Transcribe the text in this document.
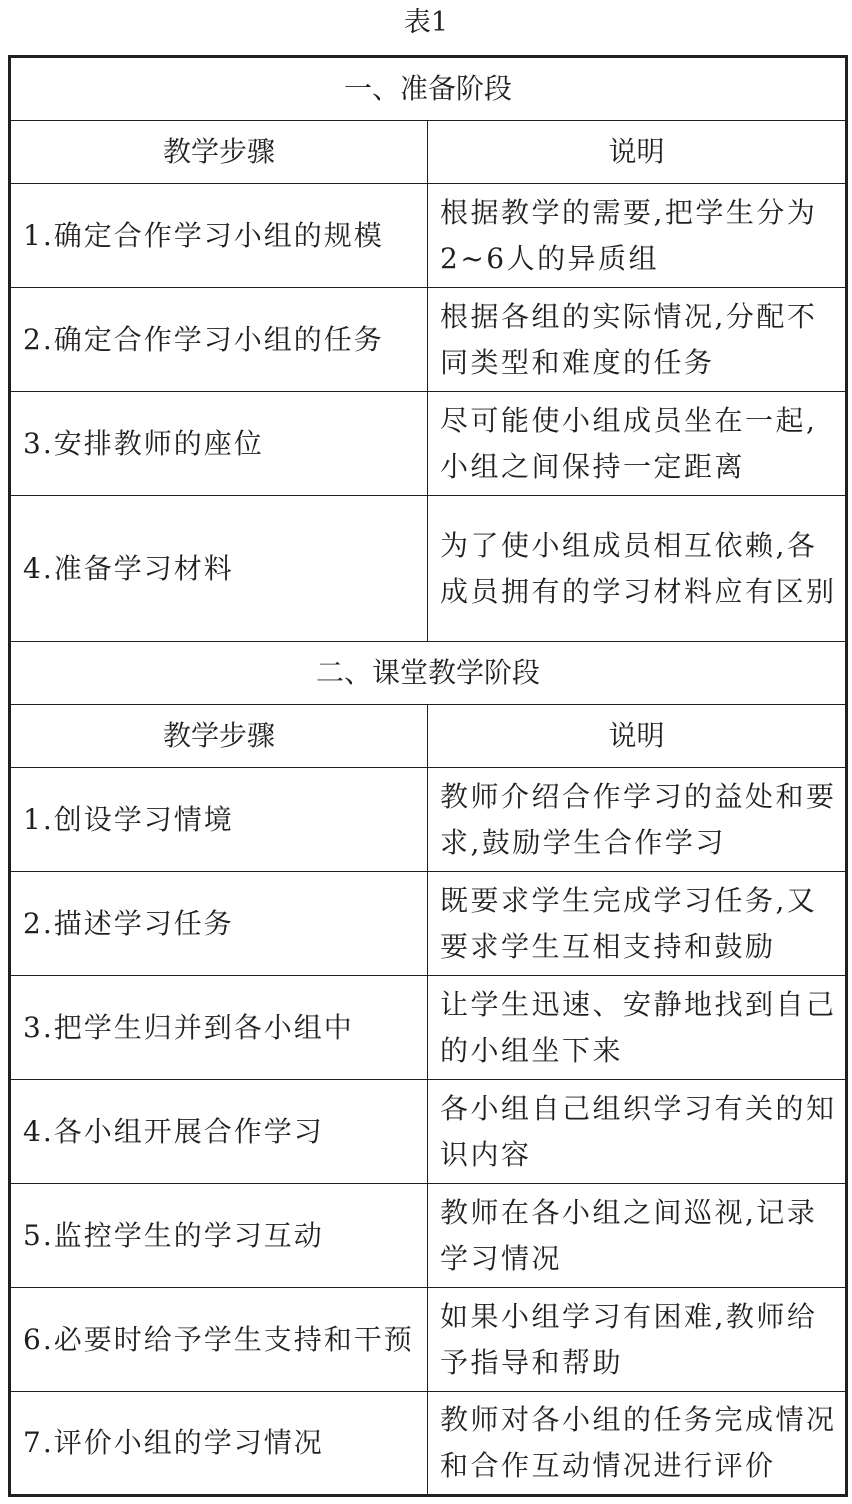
表1
一、准备阶段	
教学步骤	说明
1.确定合作学习小组的规模	根据教学的需要,把学生分为2~6人的异质组
2.确定合作学习小组的任务	根据各组的实际情况,分配不同类型和难度的任务
3.安排教师的座位	尽可能使小组成员坐在一起,小组之间保持一定距离
4.准备学习材料	为了使小组成员相互依赖,各成员拥有的学习材料应有区别
二、课堂教学阶段	
教学步骤	说明
1.创设学习情境	教师介绍合作学习的益处和要求,鼓励学生合作学习
2.描述学习任务	既要求学生完成学习任务,又要求学生互相支持和鼓励
3.把学生归并到各小组中	让学生迅速、安静地找到自己的小组坐下来
4.各小组开展合作学习	各小组自己组织学习有关的知识内容
5.监控学生的学习互动	教师在各小组之间巡视,记录学习情况
6.必要时给予学生支持和干预	如果小组学习有困难,教师给予指导和帮助
7.评价小组的学习情况	教师对各小组的任务完成情况和合作互动情况进行评价
